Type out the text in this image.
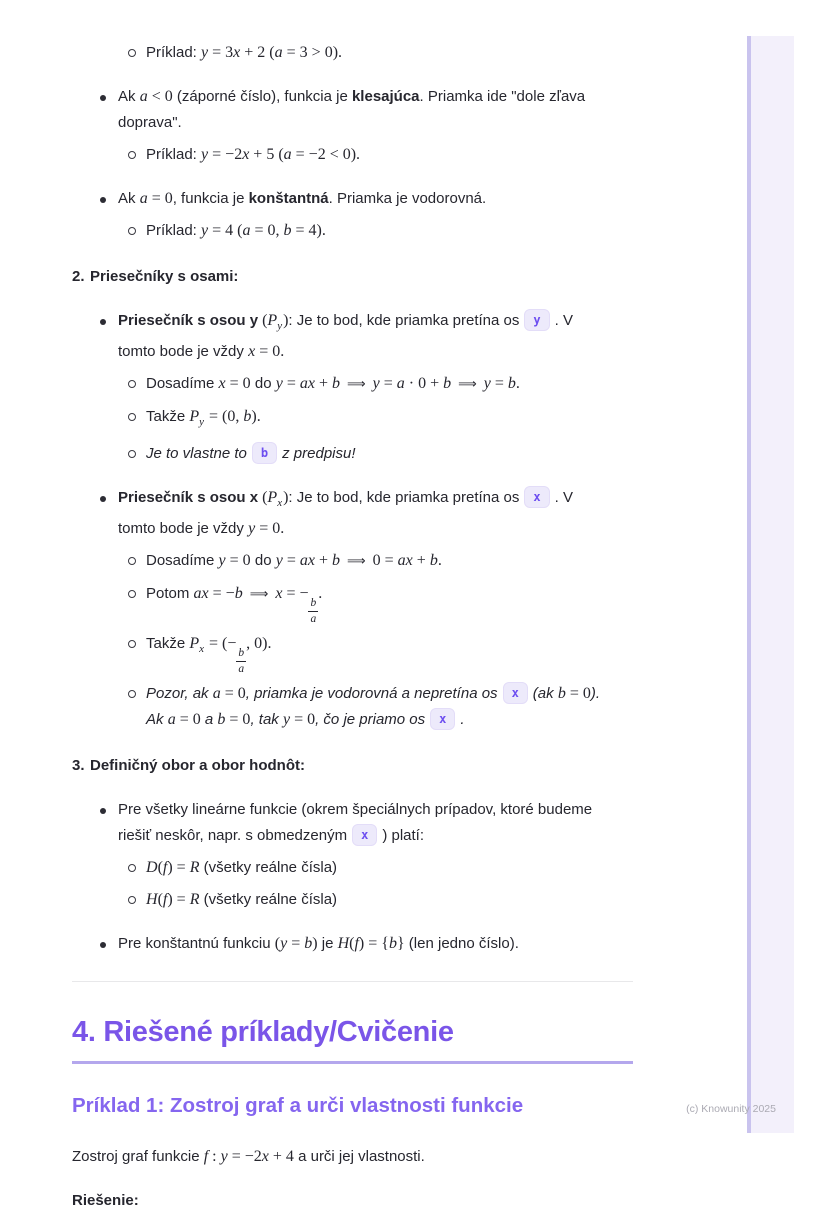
Príklad: y = 3x + 2 (a = 3 > 0).
Ak a < 0 (záporné číslo), funkcia je klesajúca. Priamka ide "dole zľava
doprava".
Príklad: y = −2x + 5 (a = −2 < 0).
Ak a = 0, funkcia je konštantná. Priamka je vodorovná.
Príklad: y = 4 (a = 0, b = 4).
2. Priesečníky s osami:
Priesečník s osou y $(P_y)$: Je to bod, kde priamka pretína os y . V
tomto bode je vždy x = 0.
Dosadíme x = 0 do y = ax + b ⟹ y = a · 0 + b ⟹ y = b.
Takže $P_y = (0$, b).
Je to vlastne to b z predpisu!
Priesečník s osou x $(P_x)$: Je to bod, kde priamka pretína os x . V
tomto bode je vždy y = 0.
Dosadíme y = 0 do y = ax + b ⟹ 0 = ax + b.
Potom ax = −b ⟹ x = −
$\frac{b}{a}$
.
Takže $P_x$ = (−
$\frac{b}{a}$
, 0).
Pozor, ak a = 0, priamka je vodorovná a nepretína os x (ak b = 0).
Ak a = 0 a b = 0, tak y = 0, čo je priamo os x .
3. Definičný obor a obor hodnôt:
Pre všetky lineárne funkcie (okrem špeciálnych prípadov, ktoré budeme
riešiť neskôr, napr. s obmedzeným x ) platí:
D(f) = R (všetky reálne čísla)
H(f) = R (všetky reálne čísla)
Pre konštantnú funkciu (y = b) je H(f) = {b} (len jedno číslo).
4. Riešené príklady/Cvičenie
Príklad 1: Zostroj graf a urči vlastnosti funkcie
Zostroj graf funkcie f : y = −2x + 4 a urči jej vlastnosti.
Riešenie:
(c) Knowunity 2025
